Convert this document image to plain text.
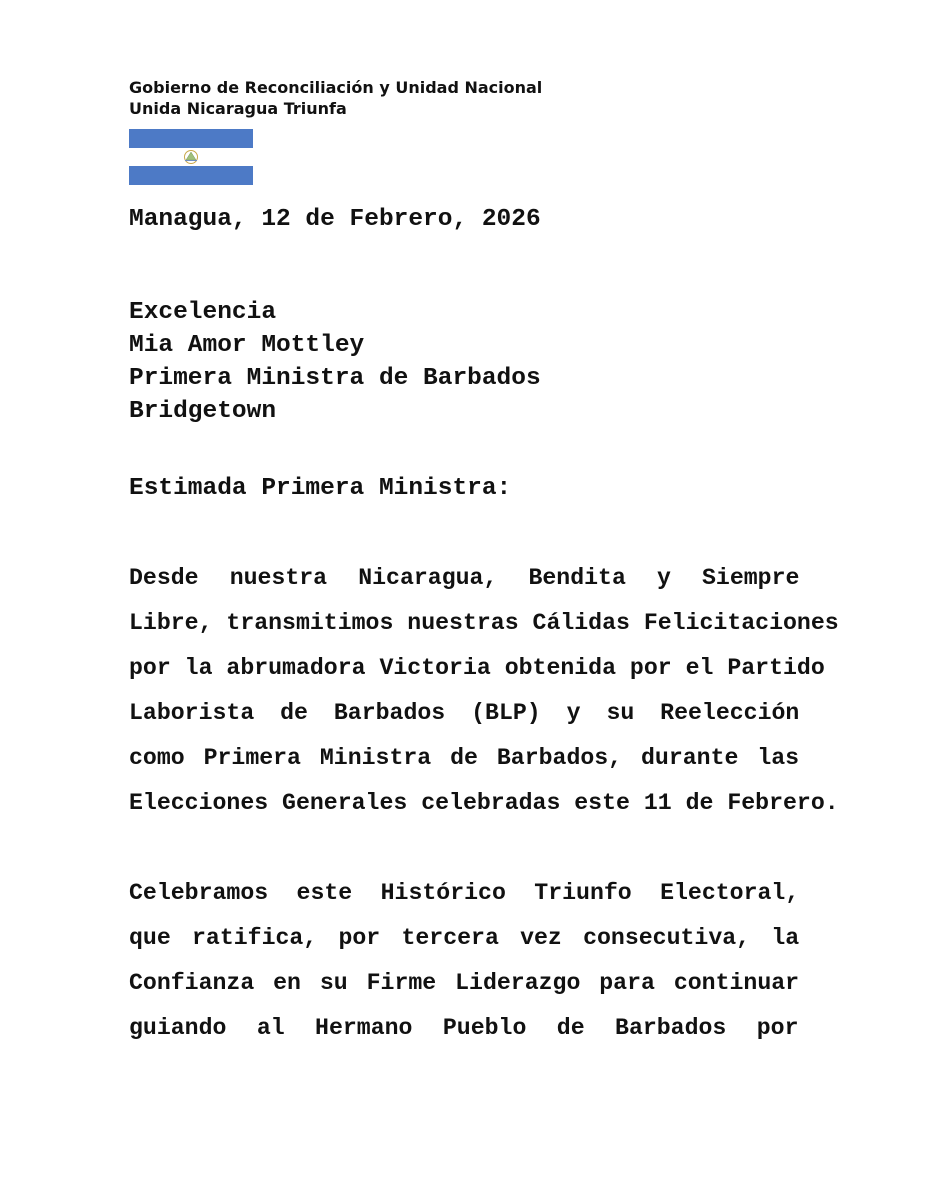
Gobierno de Reconciliación y Unidad Nacional
Unida Nicaragua Triunfa
Managua, 12 de Febrero, 2026
Excelencia
Mia Amor Mottley
Primera Ministra de Barbados
Bridgetown
Estimada Primera Ministra:
Desde nuestra Nicaragua, Bendita y Siempre
Libre, transmitimos nuestras Cálidas Felicitaciones
por la abrumadora Victoria obtenida por el Partido
Laborista de Barbados (BLP) y su Reelección
como Primera Ministra de Barbados, durante las
Elecciones Generales celebradas este 11 de Febrero.
Celebramos este Histórico Triunfo Electoral,
que ratifica, por tercera vez consecutiva, la
Confianza en su Firme Liderazgo para continuar
guiando al Hermano Pueblo de Barbados por
